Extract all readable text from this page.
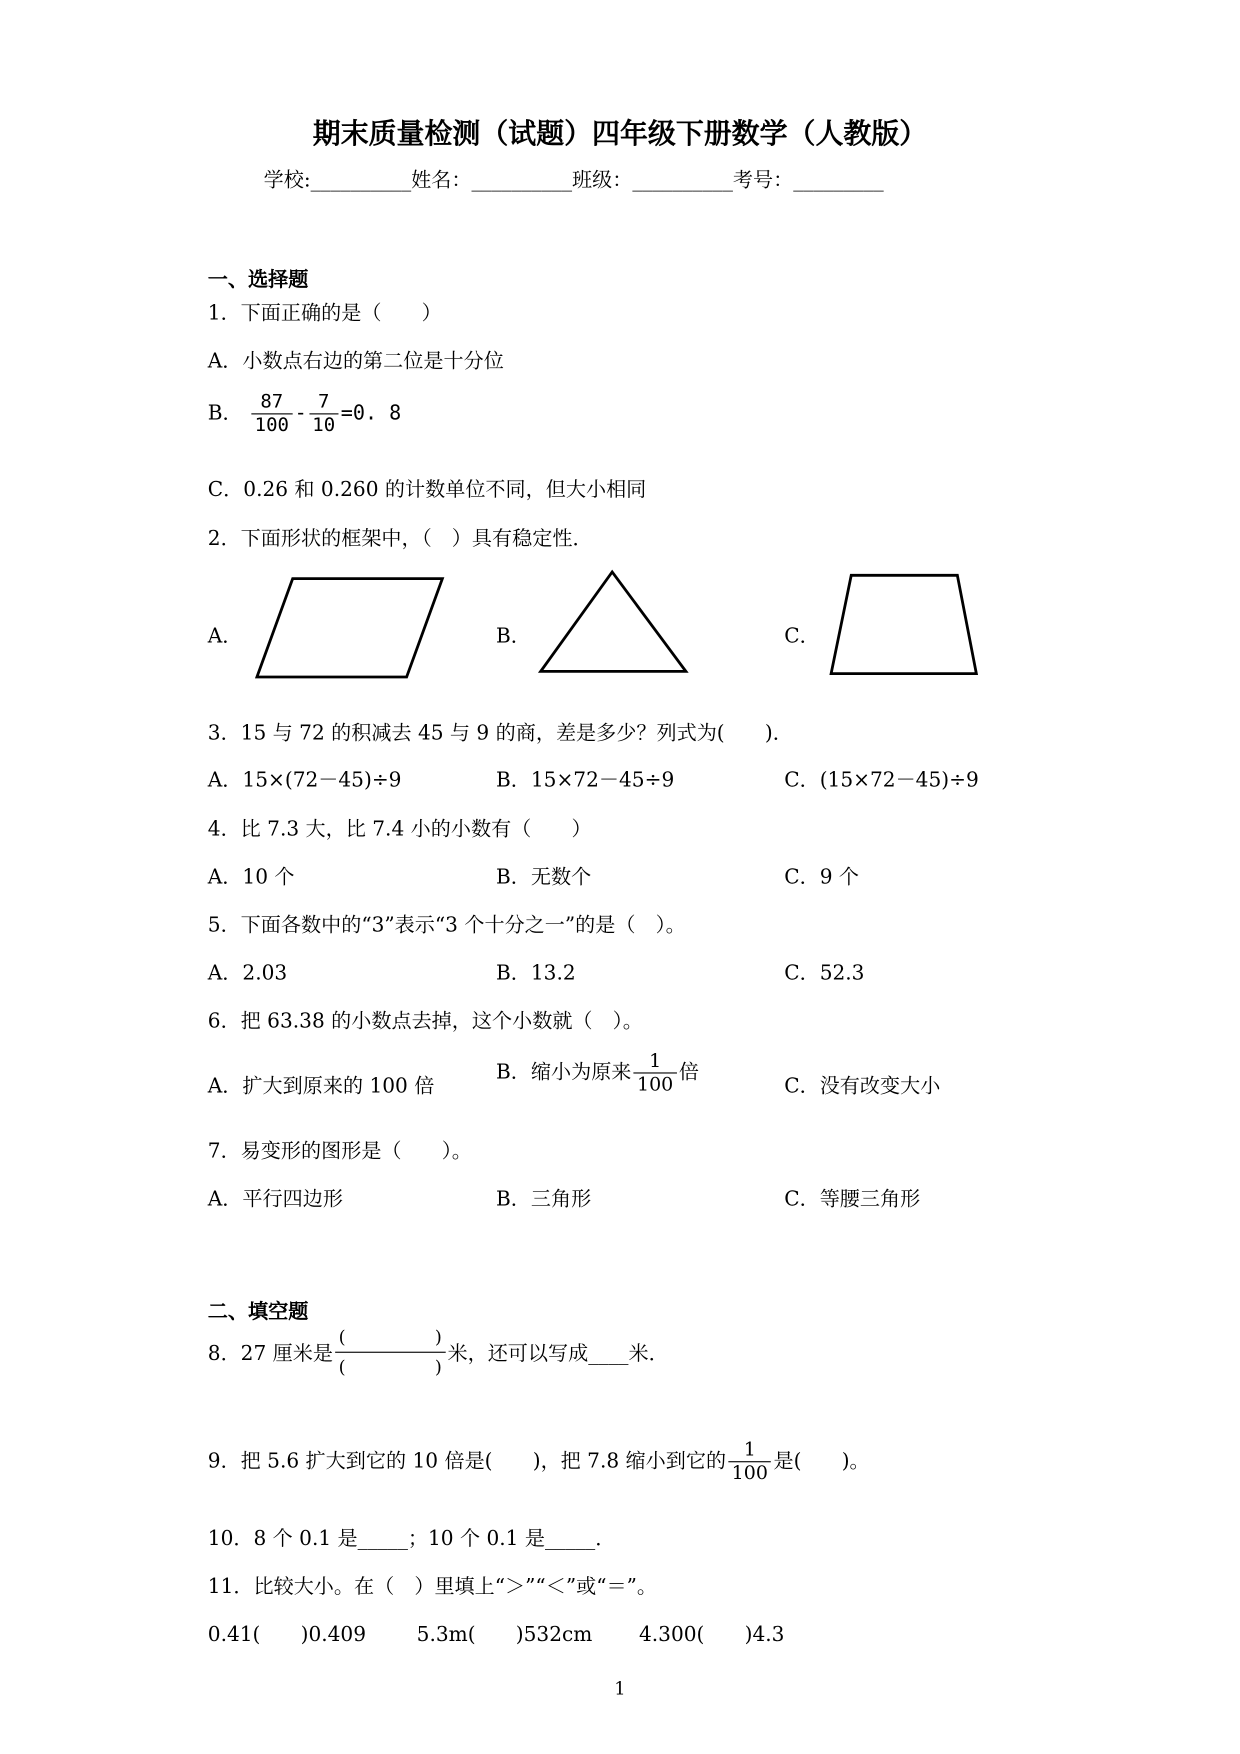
期末质量检测（试题）四年级下册数学（人教版）
学校:__________姓名：__________班级：__________考号：_________
一、选择题
1．下面正确的是（　　）
A．小数点右边的第二位是十分位
B． $\frac{87}{100} - \frac{7}{10} =0$. 8
C．0.26 和 0.260 的计数单位不同，但大小相同
2．下面形状的框架中，（　）具有稳定性．
A．	B．	C．
3．15 与 72 的积减去 45 与 9 的商，差是多少？列式为(　　)．
A．15×(72－45)÷9	B．15×72－45÷9	C．(15×72－45)÷9
4．比 7.3 大，比 7.4 小的小数有（　　）
A．10 个	B．无数个	C．9 个
5．下面各数中的“3”表示“3 个十分之一”的是（　）。
A．2.03	B．13.2	C．52.3
6．把 63.38 的小数点去掉，这个小数就（　）。
A．扩大到原来的 100 倍
B．缩小为原来 $\frac{1}{100}$ 倍
C．没有改变大小
7．易变形的图形是（　　）。
A．平行四边形	B．三角形	C．等腰三角形
二、填空题
8．27 厘米是 $\frac{( )}{( )}$ 米，还可以写成____米．
9．把 5.6 扩大到它的 10 倍是(　　)，把 7.8 缩小到它的 $\frac{1}{100}$ 是(　　)。
10．8 个 0.1 是_____；10 个 0.1 是_____．
11．比较大小。在（　）里填上“＞”“＜”或“＝”。
0.41(　　)0.409	5.3m(　　)532cm	4.300(　　)4.3
1
